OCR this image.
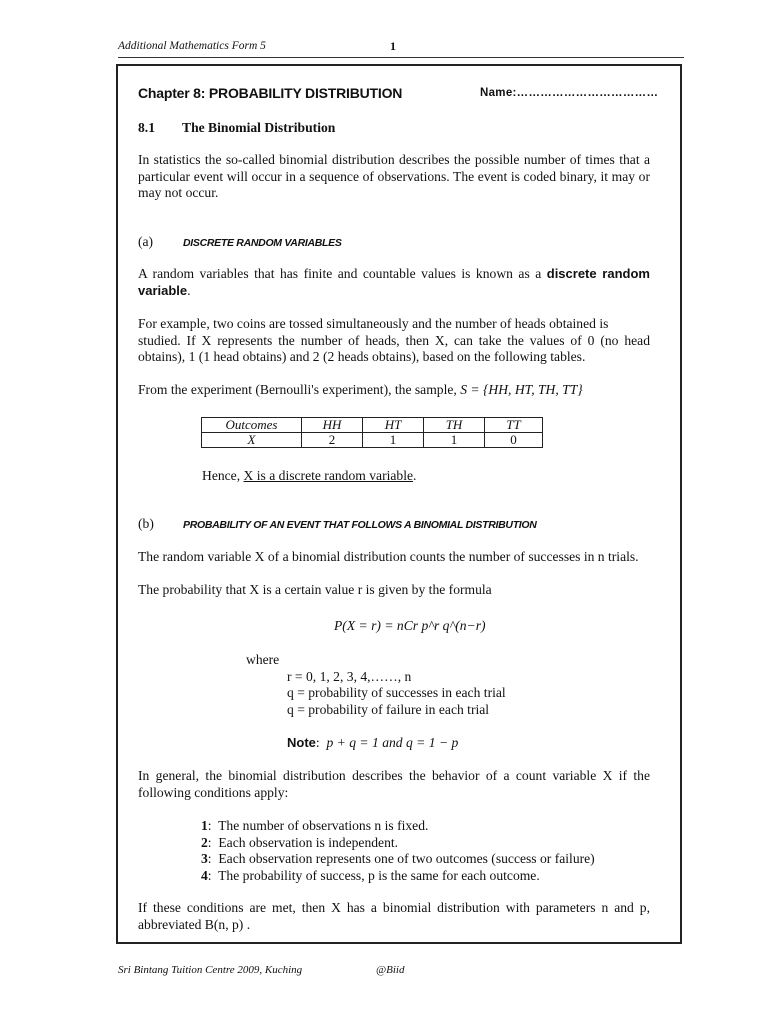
Additional Mathematics Form 5	1
Chapter 8: PROBABILITY DISTRIBUTION	Name:………………………………
8.1 The Binomial Distribution
In statistics the so-called binomial distribution describes the possible number of times that a particular event will occur in a sequence of observations. The event is coded binary, it may or may not occur.
(a)	DISCRETE RANDOM VARIABLES
A random variables that has finite and countable values is known as a discrete random variable.
For example, two coins are tossed simultaneously and the number of heads obtained is
studied. If X represents the number of heads, then X, can take the values of 0 (no head obtains), 1 (1 head obtains) and 2 (2 heads obtains), based on the following tables.
From the experiment (Bernoulli's experiment), the sample, S = {HH, HT, TH, TT}
Outcomes	HH	HT	TH	TT
X	2	1	1	0
Hence, X is a discrete random variable.
(b)	PROBABILITY OF AN EVENT THAT FOLLOWS A BINOMIAL DISTRIBUTION
The random variable X of a binomial distribution counts the number of successes in n trials.
The probability that X is a certain value r is given by the formula
P(X = r) = nCr p^r q^(n−r)
where
r = 0, 1, 2, 3, 4,……, n
q = probability of successes in each trial
q = probability of failure in each trial
Note: p + q = 1 and q = 1 − p
In general, the binomial distribution describes the behavior of a count variable X if the following conditions apply:
1:  The number of observations n is fixed.
2:  Each observation is independent.
3:  Each observation represents one of two outcomes (success or failure)
4:  The probability of success, p is the same for each outcome.
If these conditions are met, then X has a binomial distribution with parameters n and p, abbreviated B(n, p) .
Sri Bintang Tuition Centre 2009, Kuching	@Biid
